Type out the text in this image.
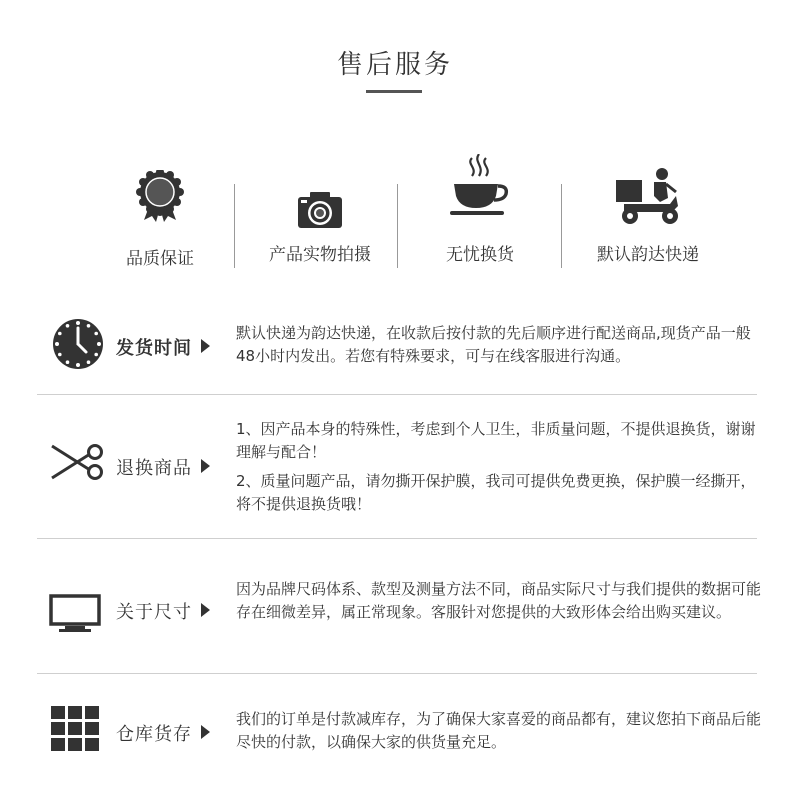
售后服务
品质保证	产品实物拍摄	无忧换货	默认韵达快递
发货时间

默认快递为韵达快递，在收款后按付款的先后顺序进行配送商品,现货产品一般48小时内发出。若您有特殊要求，可与在线客服进行沟通。

退换商品

1、因产品本身的特殊性，考虑到个人卫生，非质量问题，不提供退换货，谢谢理解与配合！

2、质量问题产品，请勿撕开保护膜，我司可提供免费更换，保护膜一经撕开，将不提供退换货哦！

关于尺寸

因为品牌尺码体系、款型及测量方法不同，商品实际尺寸与我们提供的数据可能存在细微差异，属正常现象。客服针对您提供的大致形体会给出购买建议。

仓库货存

我们的订单是付款减库存，为了确保大家喜爱的商品都有，建议您拍下商品后能尽快的付款，以确保大家的供货量充足。
